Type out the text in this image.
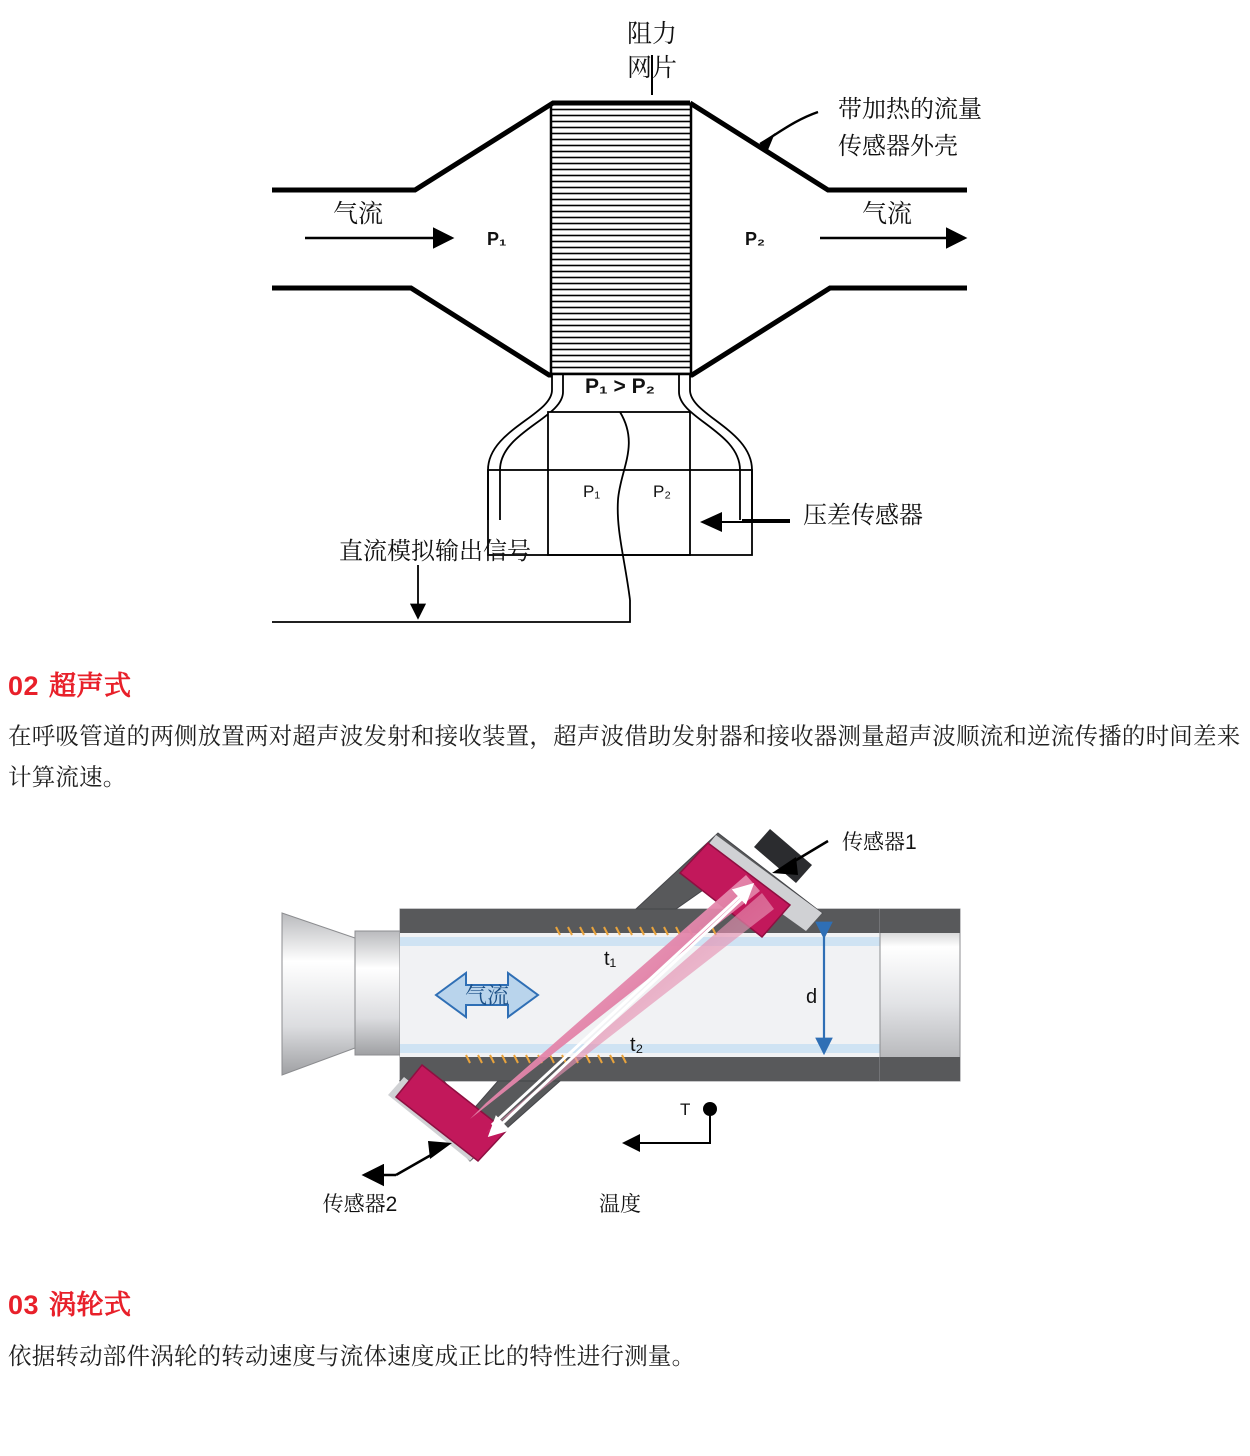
阻力
网片
带加热的流量
传感器外壳
气流	气流
P₁	P₂
P₁ > P₂
P₁	P₂
压差传感器
直流模拟输出信号
02 超声式

在呼吸管道的两侧放置两对超声波发射和接收装置，超声波借助发射器和接收器测量超声波顺流和逆流传播的时间差来计算流速。

传感器1
传感器2
气流
t₁
t₂
d
T
温度
03 涡轮式

依据转动部件涡轮的转动速度与流体速度成正比的特性进行测量。
